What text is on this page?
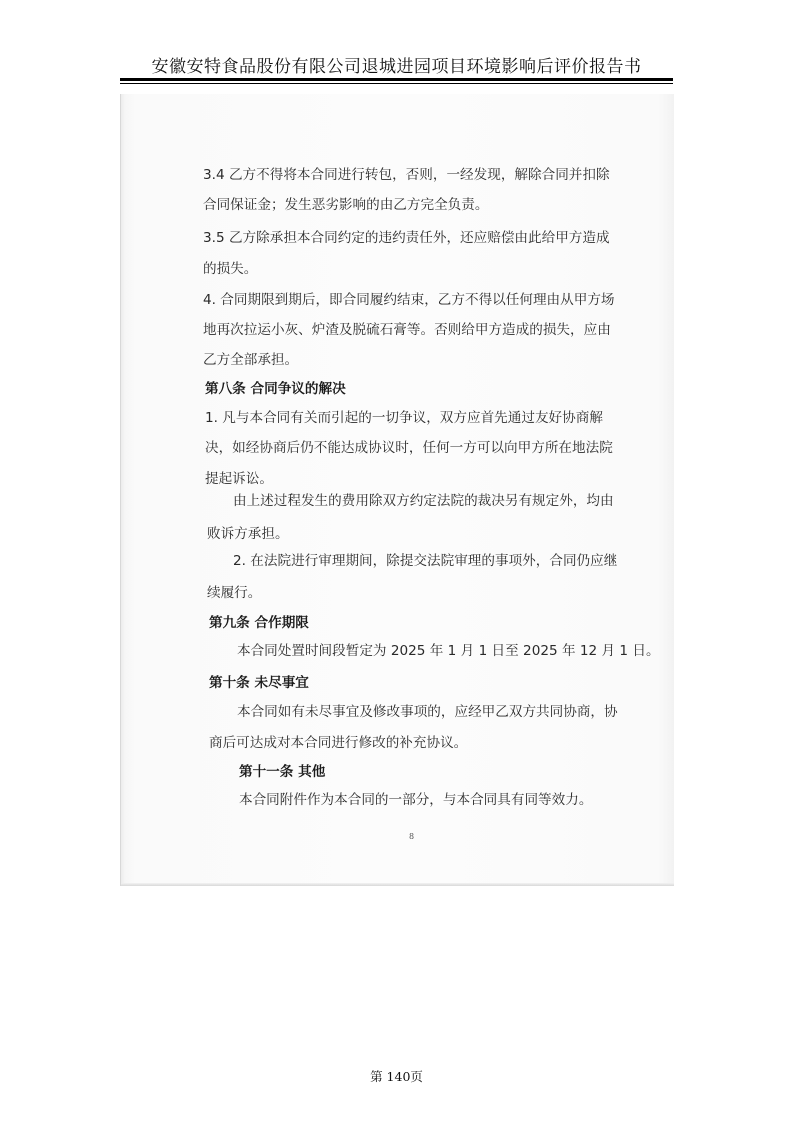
安徽安特食品股份有限公司退城进园项目环境影响后评价报告书
3.4 乙方不得将本合同进行转包，否则，一经发现，解除合同并扣除
合同保证金；发生恶劣影响的由乙方完全负责。
3.5 乙方除承担本合同约定的违约责任外，还应赔偿由此给甲方造成
的损失。
4. 合同期限到期后，即合同履约结束，乙方不得以任何理由从甲方场
地再次拉运小灰、炉渣及脱硫石膏等。否则给甲方造成的损失，应由
乙方全部承担。
第八条 合同争议的解决
1. 凡与本合同有关而引起的一切争议，双方应首先通过友好协商解
决，如经协商后仍不能达成协议时，任何一方可以向甲方所在地法院
提起诉讼。
由上述过程发生的费用除双方约定法院的裁决另有规定外，均由
败诉方承担。
2. 在法院进行审理期间，除提交法院审理的事项外，合同仍应继
续履行。
第九条 合作期限
本合同处置时间段暂定为 2025 年 1 月 1 日至 2025 年 12 月 1 日。
第十条 未尽事宜
本合同如有未尽事宜及修改事项的，应经甲乙双方共同协商，协
商后可达成对本合同进行修改的补充协议。
第十一条 其他
本合同附件作为本合同的一部分，与本合同具有同等效力。
8
第 140页
